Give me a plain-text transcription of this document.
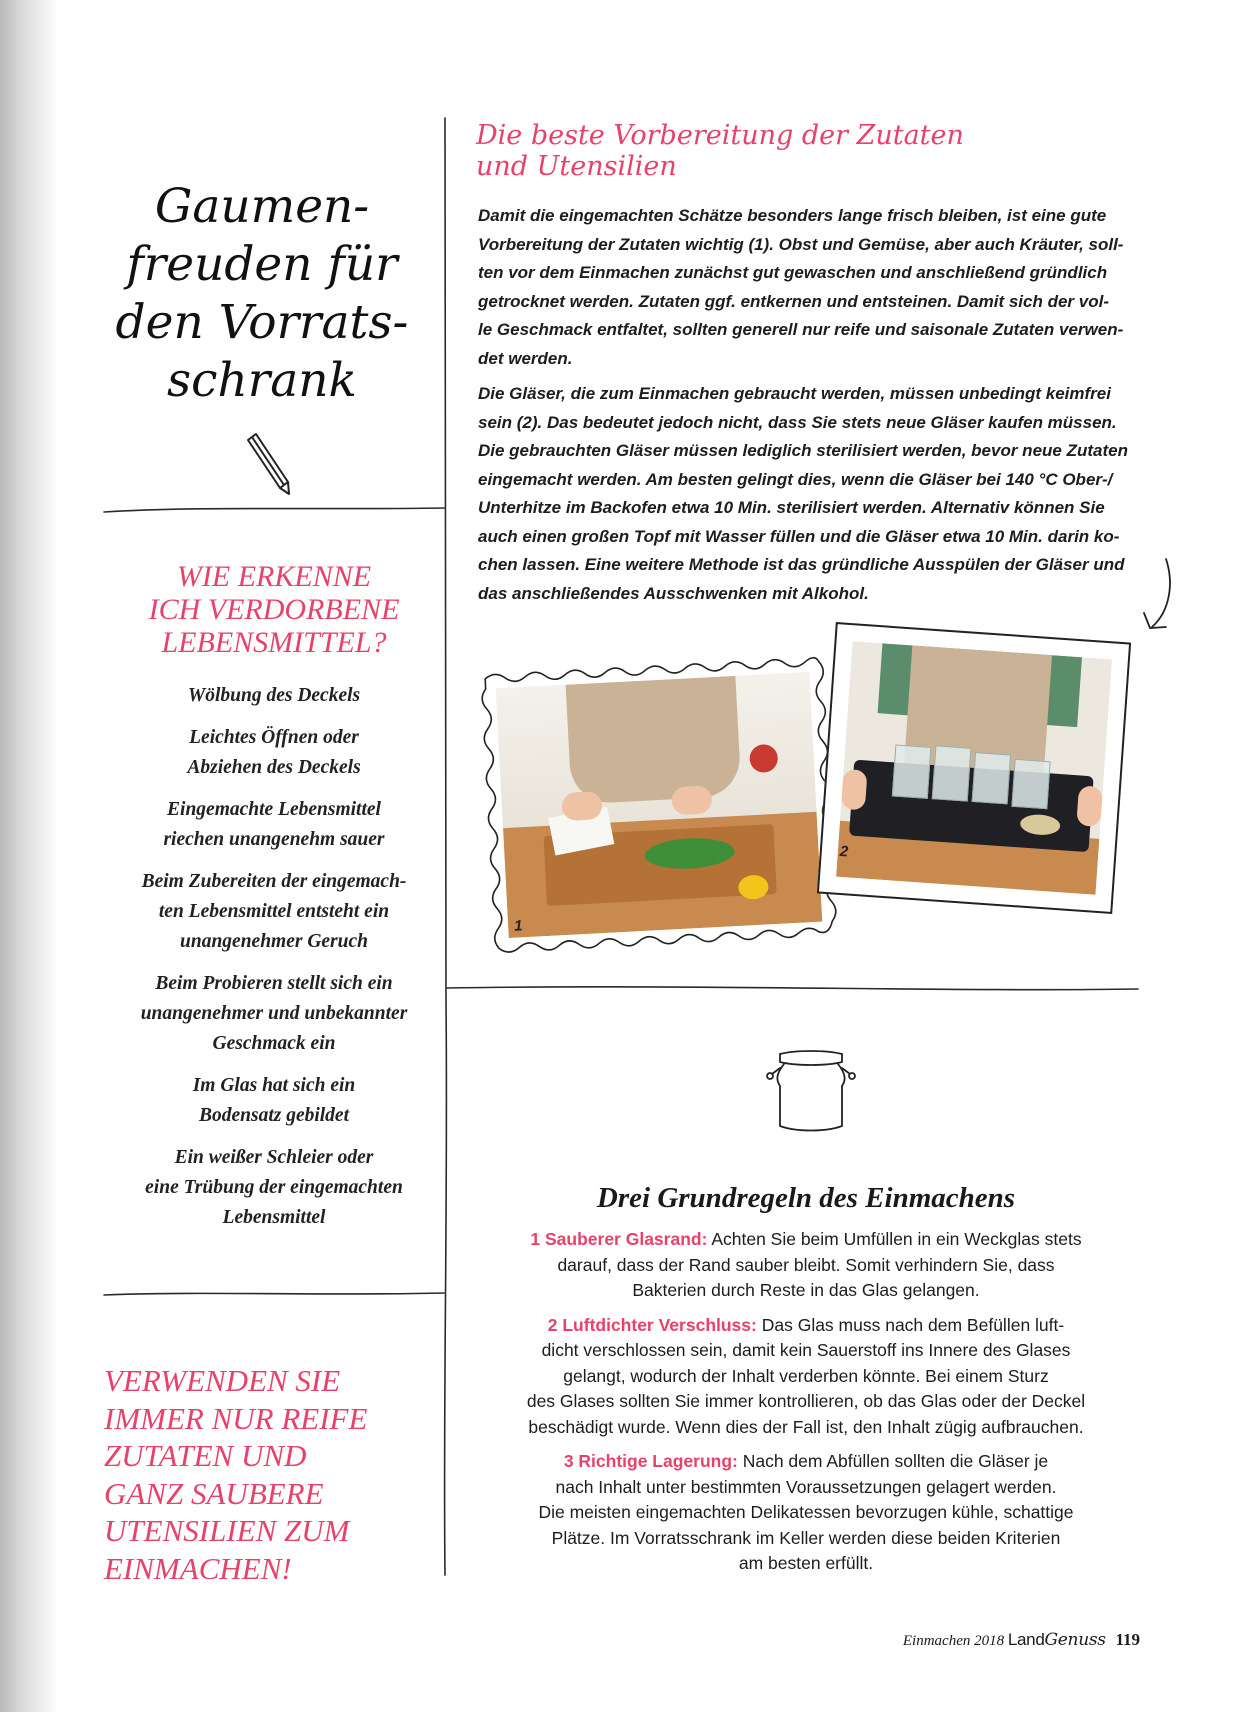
Gaumen-
freuden für
den Vorrats-
schrank
WIE ERKENNE
ICH VERDORBENE
LEBENSMITTEL?

Wölbung des Deckels

Leichtes Öffnen oder
Abziehen des Deckels

Eingemachte Lebensmittel
riechen unangenehm sauer

Beim Zubereiten der eingemach-
ten Lebensmittel entsteht ein
unangenehmer Geruch

Beim Probieren stellt sich ein
unangenehmer und unbekannter
Geschmack ein

Im Glas hat sich ein
Bodensatz gebildet

Ein weißer Schleier oder
eine Trübung der eingemachten
Lebensmittel

VERWENDEN SIE
IMMER NUR REIFE
ZUTATEN UND
GANZ SAUBERE
UTENSILIEN ZUM
EINMACHEN!
Die beste Vorbereitung der Zutaten
und Utensilien

Damit die eingemachten Schätze besonders lange frisch bleiben, ist eine gute
Vorbereitung der Zutaten wichtig (1). Obst und Gemüse, aber auch Kräuter, soll-
ten vor dem Einmachen zunächst gut gewaschen und anschließend gründlich
getrocknet werden. Zutaten ggf. entkernen und entsteinen. Damit sich der vol-
le Geschmack entfaltet, sollten generell nur reife und saisonale Zutaten verwen-
det werden.

Die Gläser, die zum Einmachen gebraucht werden, müssen unbedingt keimfrei
sein (2). Das bedeutet jedoch nicht, dass Sie stets neue Gläser kaufen müssen.
Die gebrauchten Gläser müssen lediglich sterilisiert werden, bevor neue Zutaten
eingemacht werden. Am besten gelingt dies, wenn die Gläser bei 140 °C Ober-/
Unterhitze im Backofen etwa 10 Min. sterilisiert werden. Alternativ können Sie
auch einen großen Topf mit Wasser füllen und die Gläser etwa 10 Min. darin ko-
chen lassen. Eine weitere Methode ist das gründliche Ausspülen der Gläser und
das anschließendes Ausschwenken mit Alkohol.

1
2
Drei Grundregeln des Einmachens

1 Sauberer Glasrand: Achten Sie beim Umfüllen in ein Weckglas stets
darauf, dass der Rand sauber bleibt. Somit verhindern Sie, dass
Bakterien durch Reste in das Glas gelangen.

2 Luftdichter Verschluss: Das Glas muss nach dem Befüllen luft-
dicht verschlossen sein, damit kein Sauerstoff ins Innere des Glases
gelangt, wodurch der Inhalt verderben könnte. Bei einem Sturz
des Glases sollten Sie immer kontrollieren, ob das Glas oder der Deckel
beschädigt wurde. Wenn dies der Fall ist, den Inhalt zügig aufbrauchen.

3 Richtige Lagerung: Nach dem Abfüllen sollten die Gläser je
nach Inhalt unter bestimmten Voraussetzungen gelagert werden.
Die meisten eingemachten Delikatessen bevorzugen kühle, schattige
Plätze. Im Vorratsschrank im Keller werden diese beiden Kriterien
am besten erfüllt.

Einmachen 2018 LandGenuss 119
